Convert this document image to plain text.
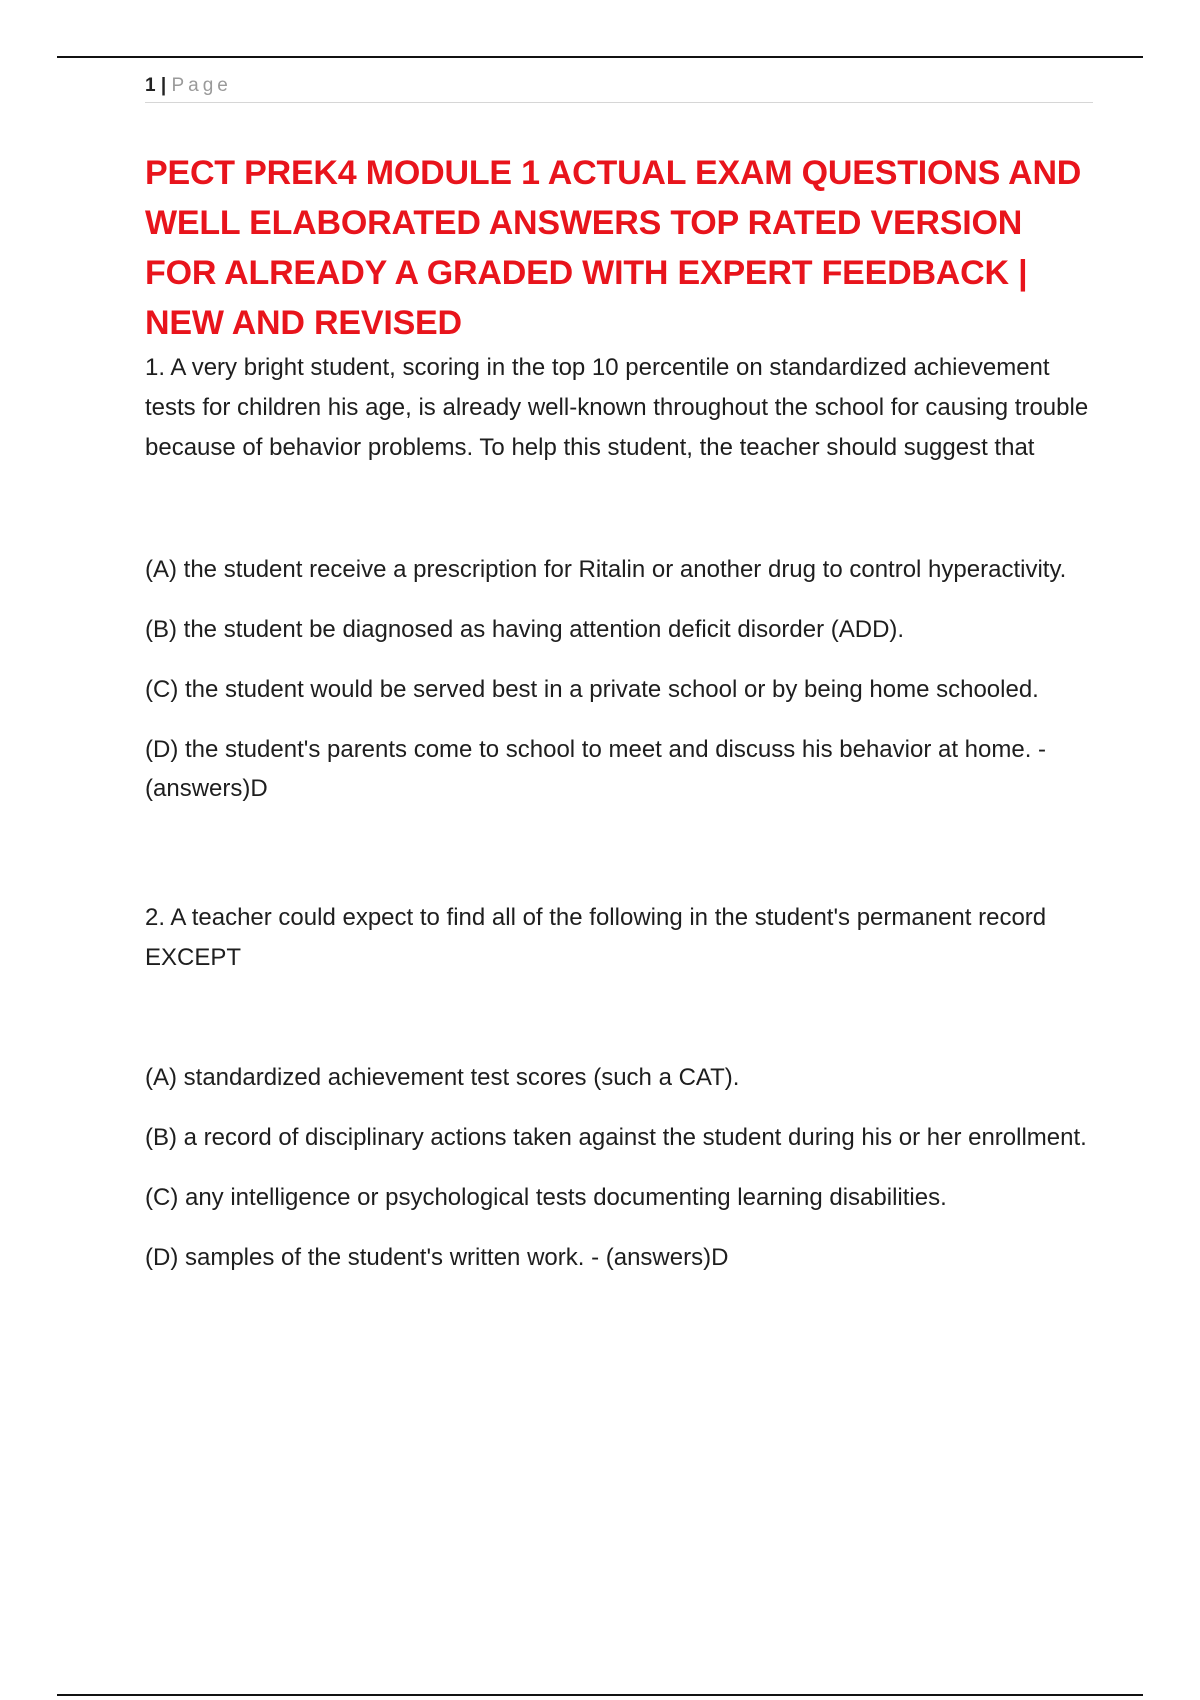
1 | Page
PECT PREK4 MODULE 1 ACTUAL EXAM QUESTIONS AND WELL ELABORATED ANSWERS TOP RATED VERSION FOR ALREADY A GRADED WITH EXPERT FEEDBACK | NEW AND REVISED

1. A very bright student, scoring in the top 10 percentile on standardized achievement tests for children his age, is already well-known throughout the school for causing trouble because of behavior problems. To help this student, the teacher should suggest that

(A) the student receive a prescription for Ritalin or another drug to control hyperactivity.

(B) the student be diagnosed as having attention deficit disorder (ADD).

(C) the student would be served best in a private school or by being home schooled.

(D) the student's parents come to school to meet and discuss his behavior at home. - (answers)D

2. A teacher could expect to find all of the following in the student's permanent record EXCEPT

(A) standardized achievement test scores (such a CAT).

(B) a record of disciplinary actions taken against the student during his or her enrollment.

(C) any intelligence or psychological tests documenting learning disabilities.

(D) samples of the student's written work. - (answers)D
